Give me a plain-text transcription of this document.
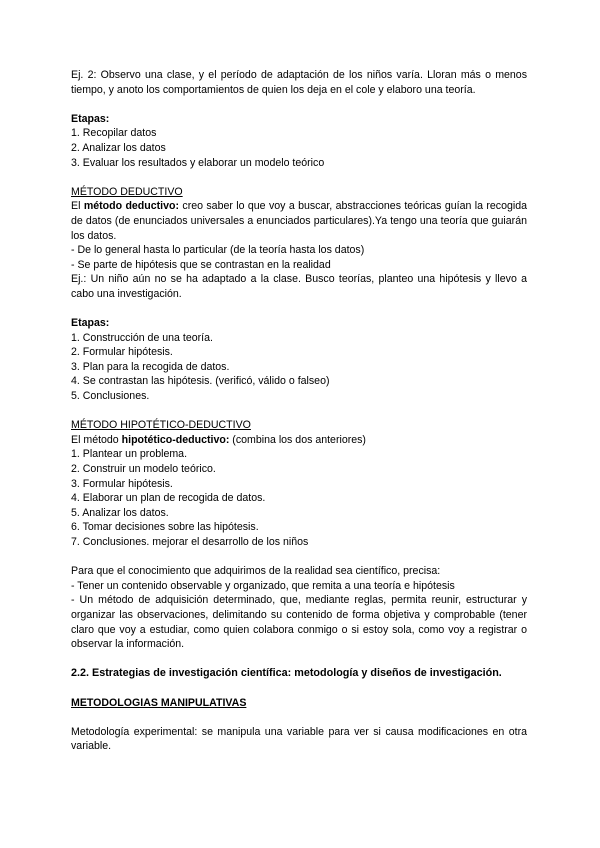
Ej. 2: Observo una clase, y el período de adaptación de los niños varía. Lloran más o menos tiempo, y anoto los comportamientos de quien los deja en el cole y elaboro una teoría.

Etapas:

1. Recopilar datos

2. Analizar los datos

3. Evaluar los resultados y elaborar un modelo teórico

MÉTODO DEDUCTIVO

El método deductivo: creo saber lo que voy a buscar, abstracciones teóricas guían la recogida de datos (de enunciados universales a enunciados particulares).Ya tengo una teoría que guiarán los datos.

- De lo general hasta lo particular (de la teoría hasta los datos)

- Se parte de hipótesis que se contrastan en la realidad

Ej.: Un niño aún no se ha adaptado a la clase. Busco teorías, planteo una hipótesis y llevo a cabo una investigación.

Etapas:

1. Construcción de una teoría.

2. Formular hipótesis.

3. Plan para la recogida de datos.

4. Se contrastan las hipótesis. (verificó, válido o falseo)

5. Conclusiones.

MÉTODO HIPOTÉTICO-DEDUCTIVO

El método hipotético-deductivo: (combina los dos anteriores)

1. Plantear un problema.

2. Construir un modelo teórico.

3. Formular hipótesis.

4. Elaborar un plan de recogida de datos.

5. Analizar los datos.

6. Tomar decisiones sobre las hipótesis.

7. Conclusiones. mejorar el desarrollo de los niños

Para que el conocimiento que adquirimos de la realidad sea científico, precisa:

- Tener un contenido observable y organizado, que remita a una teoría e hipótesis

- Un método de adquisición determinado, que, mediante reglas, permita reunir, estructurar y organizar las observaciones, delimitando su contenido de forma objetiva y comprobable (tener claro que voy a estudiar, como quien colabora conmigo o si estoy sola, como voy a registrar o observar la información.

2.2. Estrategias de investigación científica: metodología y diseños de investigación.

METODOLOGIAS MANIPULATIVAS

Metodología experimental: se manipula una variable para ver si causa modificaciones en otra variable.
